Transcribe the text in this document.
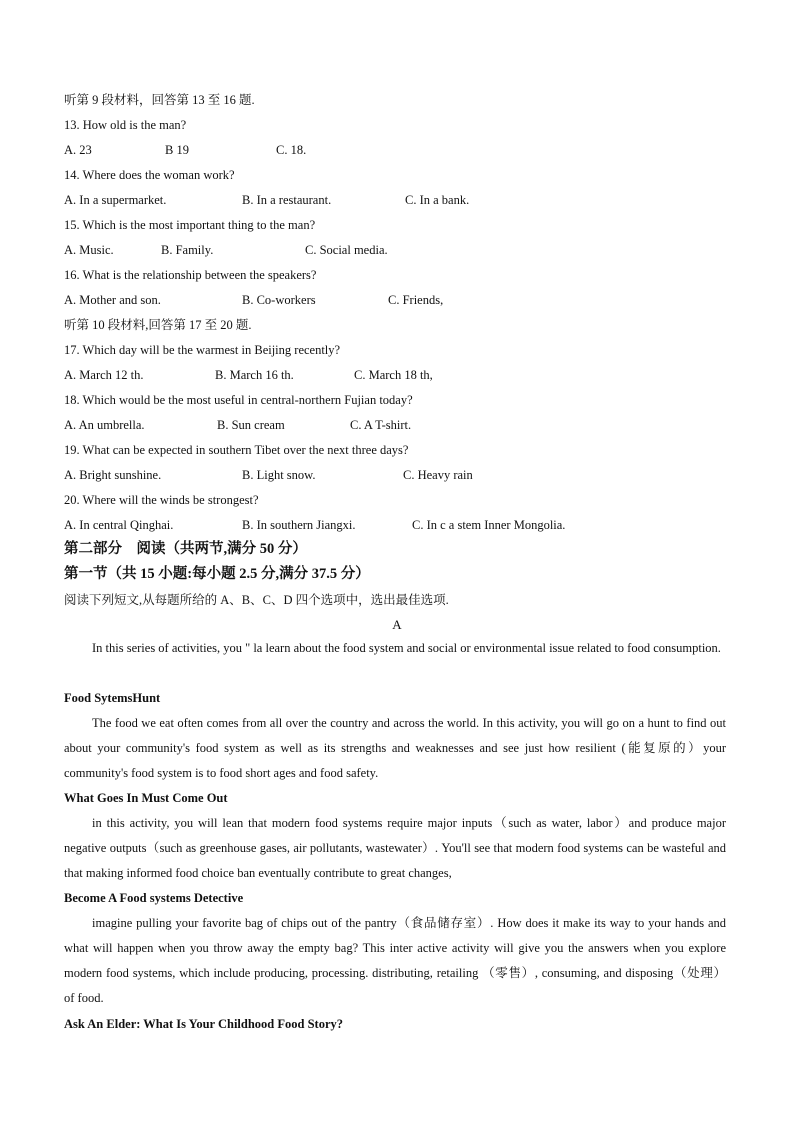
听第 9 段材料，回答第 13 至 16 题.
13. How old is the man?
A. 23	B 19	C. 18.
14. Where does the woman work?
A. In a supermarket.	B. In a restaurant.	C. In a bank.
15. Which is the most important thing to the man?
A. Music.	B. Family.	C. Social media.
16. What is the relationship between the speakers?
A. Mother and son.	B. Co-workers	C. Friends,
听第 10 段材料,回答第 17 至 20 题.
17. Which day will be the warmest in Beijing recently?
A. March 12 th.	B. March 16 th.	C. March 18 th,
18. Which would be the most useful in central-northern Fujian today?
A. An umbrella.	B. Sun cream	C. A T-shirt.
19. What can be expected in southern Tibet over the next three days?
A. Bright sunshine.	B. Light snow.	C. Heavy rain
20. Where will the winds be strongest?
A. In central Qinghai.	B. In southern Jiangxi.	C. In c a stem Inner Mongolia.
第二部分　阅读（共两节,满分 50 分）
第一节（共 15 小题:每小题 2.5 分,满分 37.5 分）
阅读下列短文,从每题所给的 A、B、C、D 四个选项中，选出最佳选项.
A

In this series of activities, you " la learn about the food system and social or environmental issue related to food consumption.

Food SytemsHunt

The food we eat often comes from all over the country and across the world. In this activity, you will go on a hunt to find out about your community's food system as well as its strengths and weaknesses and see just how resilient (能复原的）your community's food system is to food short ages and food safety.

What Goes In Must Come Out

in this activity, you will lean that modern food systems require major inputs（such as water, labor）and produce major negative outputs（such as greenhouse gases, air pollutants, wastewater）. You'll see that modern food systems can be wasteful and that making informed food choice ban eventually contribute to great changes,

Become A Food systems Detective

imagine pulling your favorite bag of chips out of the pantry（食品储存室）. How does it make its way to your hands and what will happen when you throw away the empty bag? This inter active activity will give you the answers when you explore modern food systems, which include producing, processing. distributing, retailing （零售）, consuming, and disposing（处理） of food.

Ask An Elder: What Is Your Childhood Food Story?
